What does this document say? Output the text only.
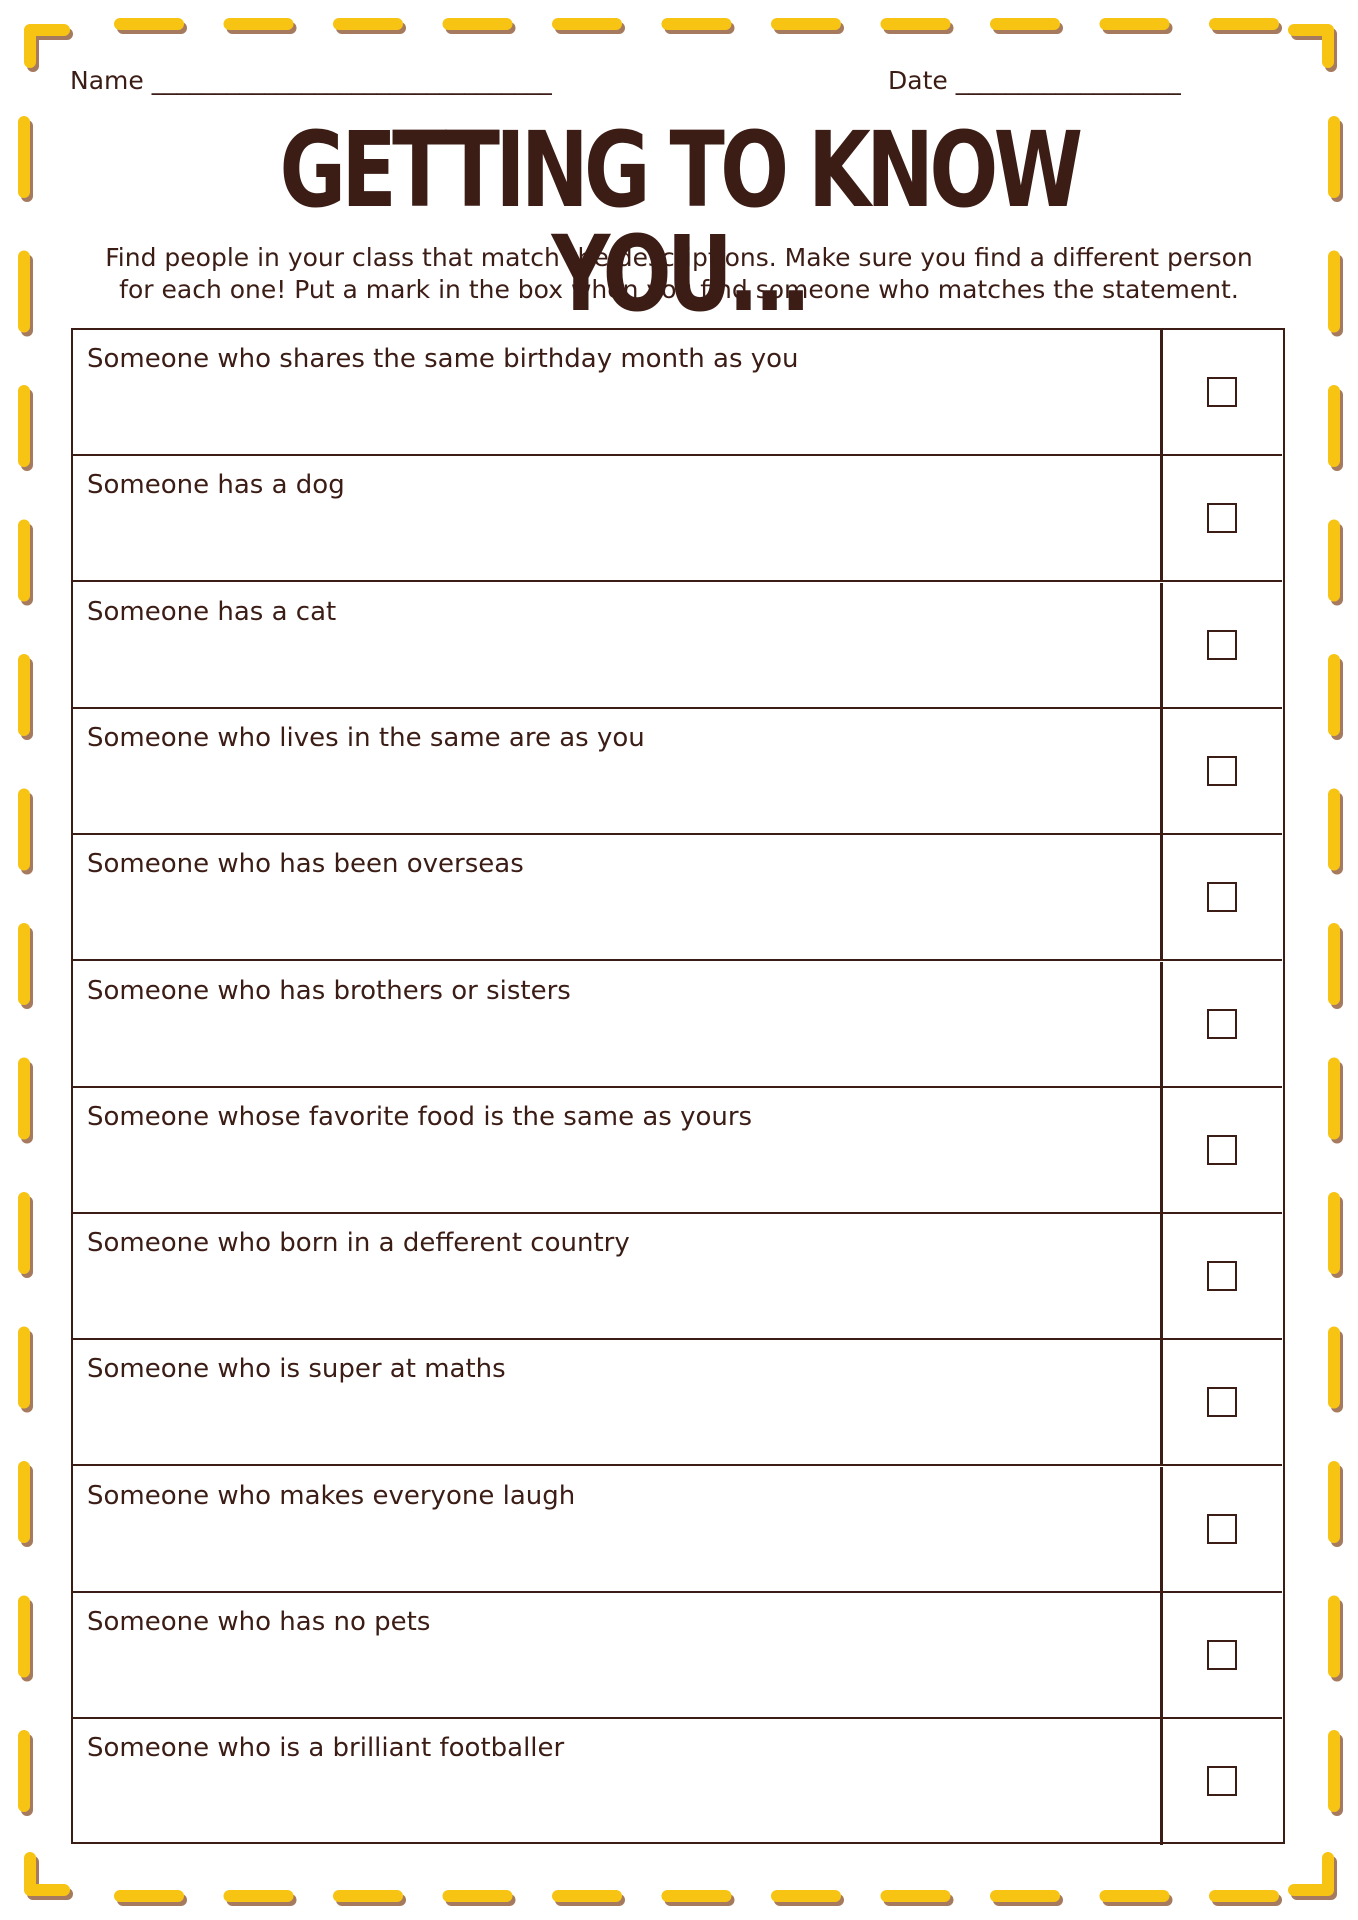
Name ________________________________	Date __________________
GETTING TO KNOW YOU...
Find people in your class that match the descriptions. Make sure you find a different person for each one! Put a mark in the box when you find someone who matches the statement.
Someone who shares the same birthday month as you
Someone has a dog
Someone has a cat
Someone who lives in the same are as you
Someone who has been overseas
Someone who has brothers or sisters
Someone whose favorite food is the same as yours
Someone who born in a defferent country
Someone who is super at maths
Someone who makes everyone laugh
Someone who has no pets
Someone who is a brilliant footballer
